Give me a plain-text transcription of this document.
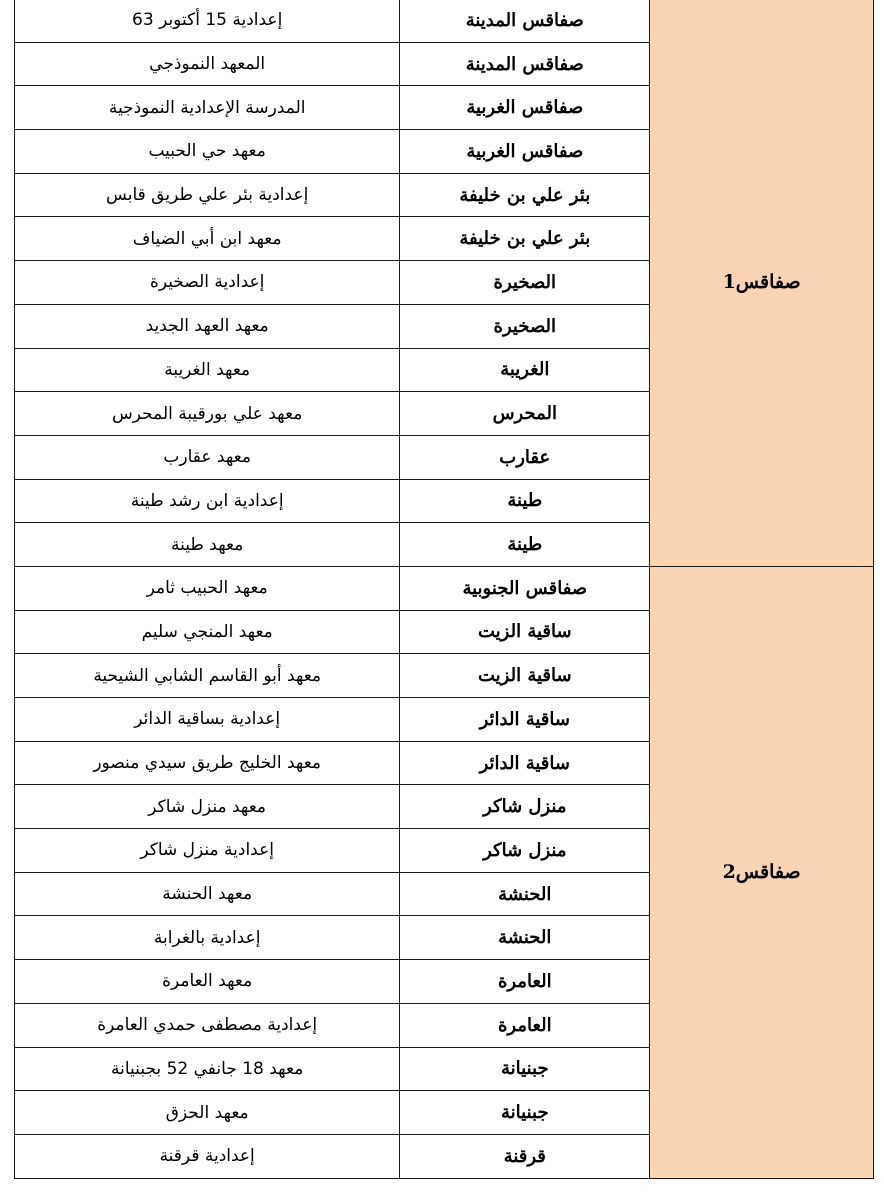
صفاقس1	صفاقس المدينة	إعدادية 15 أكتوبر 63
	صفاقس المدينة	المعهد النموذجي
	صفاقس الغربية	المدرسة الإعدادية النموذجية
	صفاقس الغربية	معهد حي الحبيب
	بئر علي بن خليفة	إعدادية بئر علي طريق قابس
	بئر علي بن خليفة	معهد ابن أبي الضياف
	الصخيرة	إعدادية الصخيرة
	الصخيرة	معهد العهد الجديد
	الغريبة	معهد الغريبة
	المحرس	معهد علي بورقيبة المحرس
	عقارب	معهد عقارب
	طينة	إعدادية ابن رشد طينة
	طينة	معهد طينة
صفاقس2	صفاقس الجنوبية	معهد الحبيب ثامر
	ساقية الزيت	معهد المنجي سليم
	ساقية الزيت	معهد أبو القاسم الشابي الشيحية
	ساقية الدائر	إعدادية بساقية الدائر
	ساقية الدائر	معهد الخليج طريق سيدي منصور
	منزل شاكر	معهد منزل شاكر
	منزل شاكر	إعدادية منزل شاكر
	الحنشة	معهد الحنشة
	الحنشة	إعدادية بالغرابة
	العامرة	معهد العامرة
	العامرة	إعدادية مصطفى حمدي العامرة
	جبنيانة	معهد 18 جانفي 52 بجبنيانة
	جبنيانة	معهد الحزق
	قرقنة	إعدادية قرقنة
